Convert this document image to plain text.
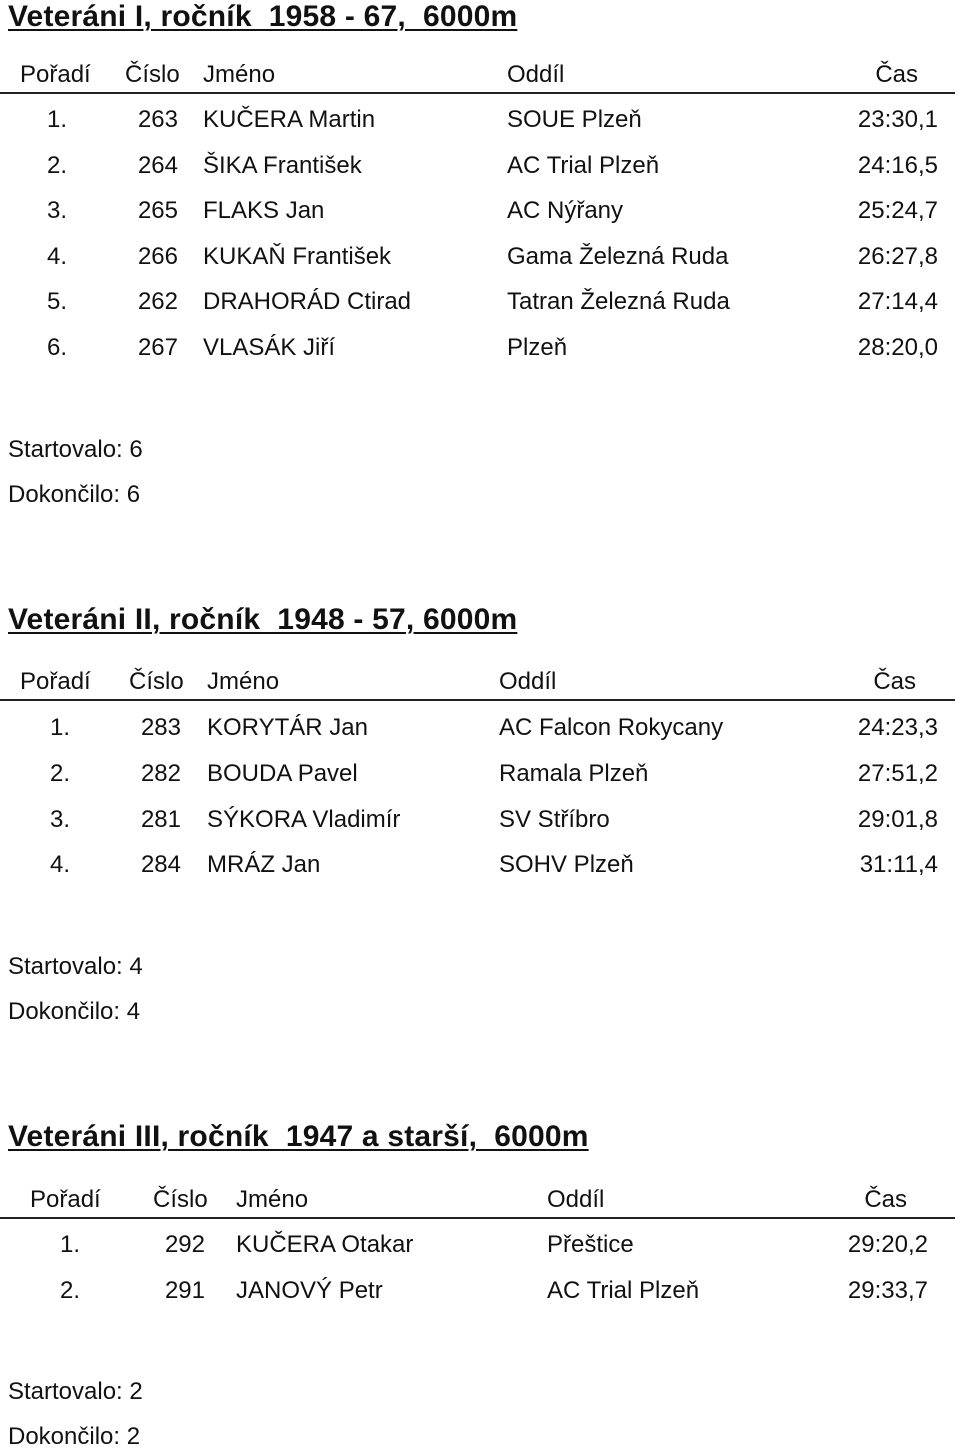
Veteráni I, ročník  1958 - 67,  6000m
Pořadí Číslo Jméno	Oddíl	Čas
1.	263 KUČERA Martin	SOUE Plzeň	23:30,1
2.	264 ŠIKA František	AC Trial Plzeň	24:16,5
3.	265 FLAKS Jan	AC Nýřany	25:24,7
4.	266 KUKAŇ František	Gama Železná Ruda	26:27,8
5.	262 DRAHORÁD Ctirad	Tatran Železná Ruda	27:14,4
6.	267 VLASÁK Jiří	Plzeň	28:20,0
Startovalo: 6
Dokončilo: 6
Veteráni II, ročník  1948 - 57, 6000m
Pořadí Číslo Jméno	Oddíl	Čas
1.	283 KORYTÁR Jan	AC Falcon Rokycany	24:23,3
2.	282 BOUDA Pavel	Ramala Plzeň	27:51,2
3.	281 SÝKORA Vladimír	SV Stříbro	29:01,8
4.	284 MRÁZ Jan	SOHV Plzeň	31:11,4
Startovalo: 4
Dokončilo: 4
Veteráni III, ročník  1947 a starší,  6000m
Pořadí Číslo Jméno	Oddíl	Čas
1.	292 KUČERA Otakar	Přeštice	29:20,2
2.	291 JANOVÝ Petr	AC Trial Plzeň	29:33,7
Startovalo: 2
Dokončilo: 2
